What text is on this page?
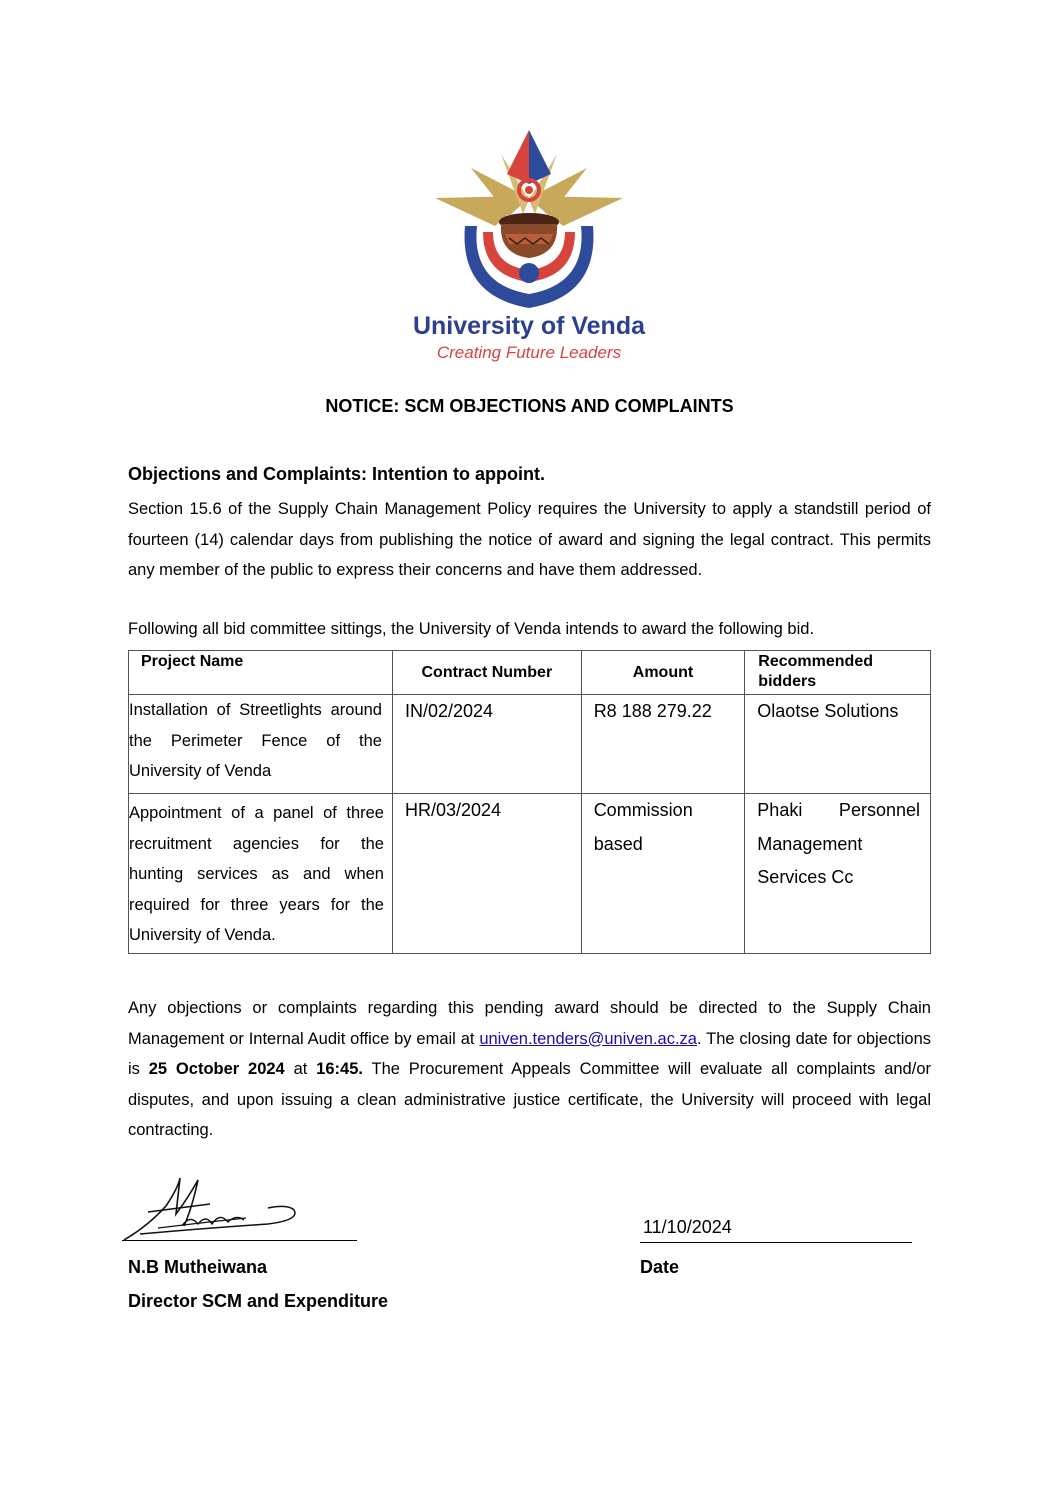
University of Venda
Creating Future Leaders
NOTICE: SCM OBJECTIONS AND COMPLAINTS
Objections and Complaints: Intention to appoint.
Section 15.6 of the Supply Chain Management Policy requires the University to apply a standstill period of fourteen (14) calendar days from publishing the notice of award and signing the legal contract. This permits any member of the public to express their concerns and have them addressed.
Following all bid committee sittings, the University of Venda intends to award the following bid.
Project Name	Contract Number	Amount	Recommended bidders
Installation of Streetlights around the Perimeter Fence of the University of Venda	IN/02/2024	R8 188 279.22	Olaotse Solutions
Appointment of a panel of three recruitment agencies for the hunting services as and when required for three years for the University of Venda.	HR/03/2024	Commission based	Phaki Personnel Management Services Cc
Any objections or complaints regarding this pending award should be directed to the Supply Chain Management or Internal Audit office by email at univen.tenders@univen.ac.za. The closing date for objections is 25 October 2024 at 16:45. The Procurement Appeals Committee will evaluate all complaints and/or disputes, and upon issuing a clean administrative justice certificate, the University will proceed with legal contracting.
11/10/2024
N.B Mutheiwana
Director SCM and Expenditure
Date
